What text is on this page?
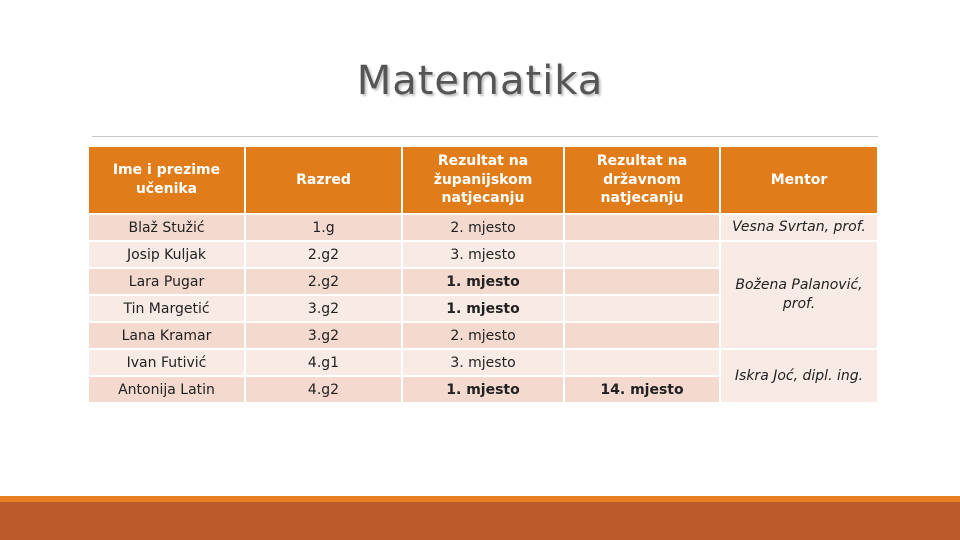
Matematika
Ime i prezime učenika	Razred	Rezultat na županijskom natjecanju	Rezultat na državnom natjecanju	Mentor
Blaž Stužić	1.g	2. mjesto		Vesna Svrtan, prof.
Josip Kuljak	2.g2	3. mjesto		Božena Palanović, prof.
Lara Pugar	2.g2	1. mjesto		
Tin Margetić	3.g2	1. mjesto		
Lana Kramar	3.g2	2. mjesto		
Ivan Futivić	4.g1	3. mjesto		Iskra Joć, dipl. ing.
Antonija Latin	4.g2	1. mjesto	14. mjesto	
